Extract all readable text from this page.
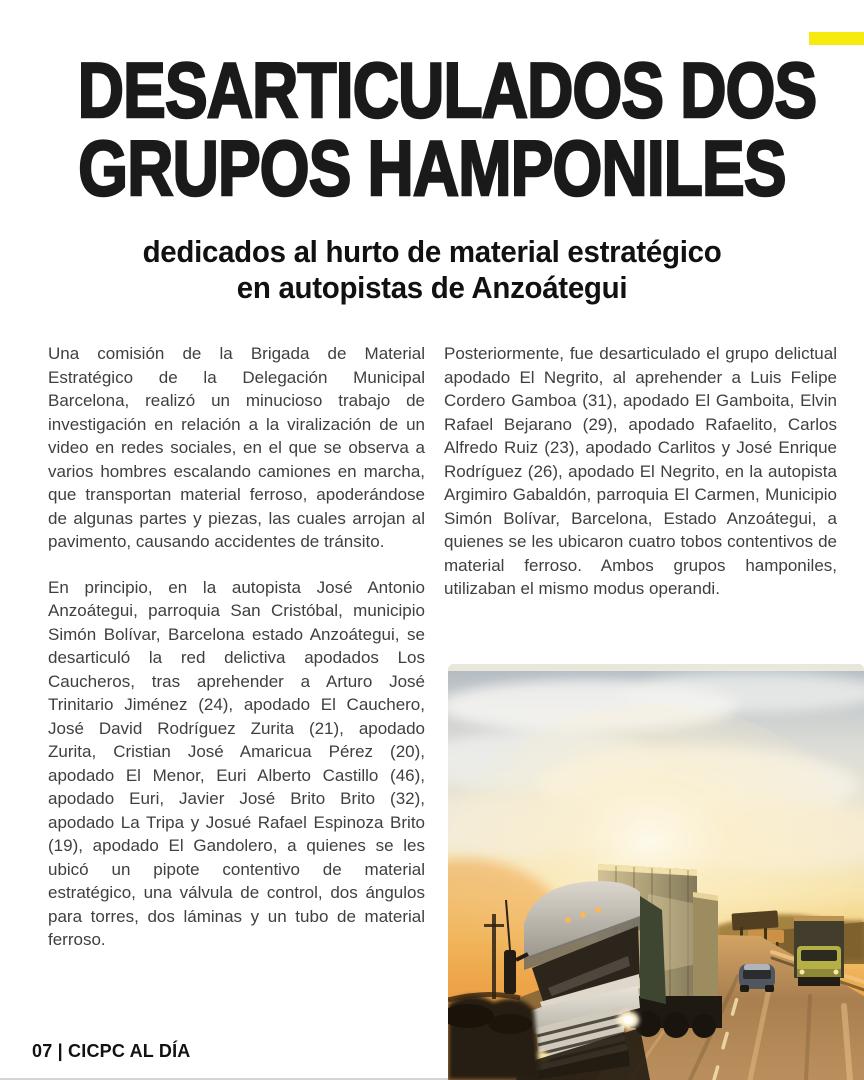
DESARTICULADOS DOS
GRUPOS HAMPONILES
dedicados al hurto de material estratégico
en autopistas de Anzoátegui

Una comisión de la Brigada de Material Estratégico de la Delegación Municipal Barcelona, realizó un minucioso trabajo de investigación en relación a la viralización de un video en redes sociales, en el que se observa a varios hombres escalando camiones en marcha, que transportan material ferroso, apoderándose de algunas partes y piezas, las cuales arrojan al pavimento, causando accidentes de tránsito.

En principio, en la autopista José Antonio Anzoátegui, parroquia San Cristóbal, municipio Simón Bolívar, Barcelona estado Anzoátegui, se desarticuló la red delictiva apodados Los Caucheros, tras aprehender a Arturo José Trinitario Jiménez (24), apodado El Cauchero, José David Rodríguez Zurita (21), apodado Zurita, Cristian José Amaricua Pérez (20), apodado El Menor, Euri Alberto Castillo (46), apodado Euri, Javier José Brito Brito (32), apodado La Tripa y Josué Rafael Espinoza Brito (19), apodado El Gandolero, a quienes se les ubicó un pipote contentivo de material estratégico, una válvula de control, dos ángulos para torres, dos láminas y un tubo de material ferroso.

Posteriormente, fue desarticulado el grupo delictual apodado El Negrito, al aprehender a Luis Felipe Cordero Gamboa (31), apodado El Gamboita, Elvin Rafael Bejarano (29), apodado Rafaelito, Carlos Alfredo Ruiz (23), apodado Carlitos y José Enrique Rodríguez (26), apodado El Negrito, en la autopista Argimiro Gabaldón, parroquia El Carmen, Municipio Simón Bolívar, Barcelona, Estado Anzoátegui, a quienes se les ubicaron cuatro tobos contentivos de material ferroso. Ambos grupos hamponiles, utilizaban el mismo modus operandi.

07 | CICPC AL DÍA
